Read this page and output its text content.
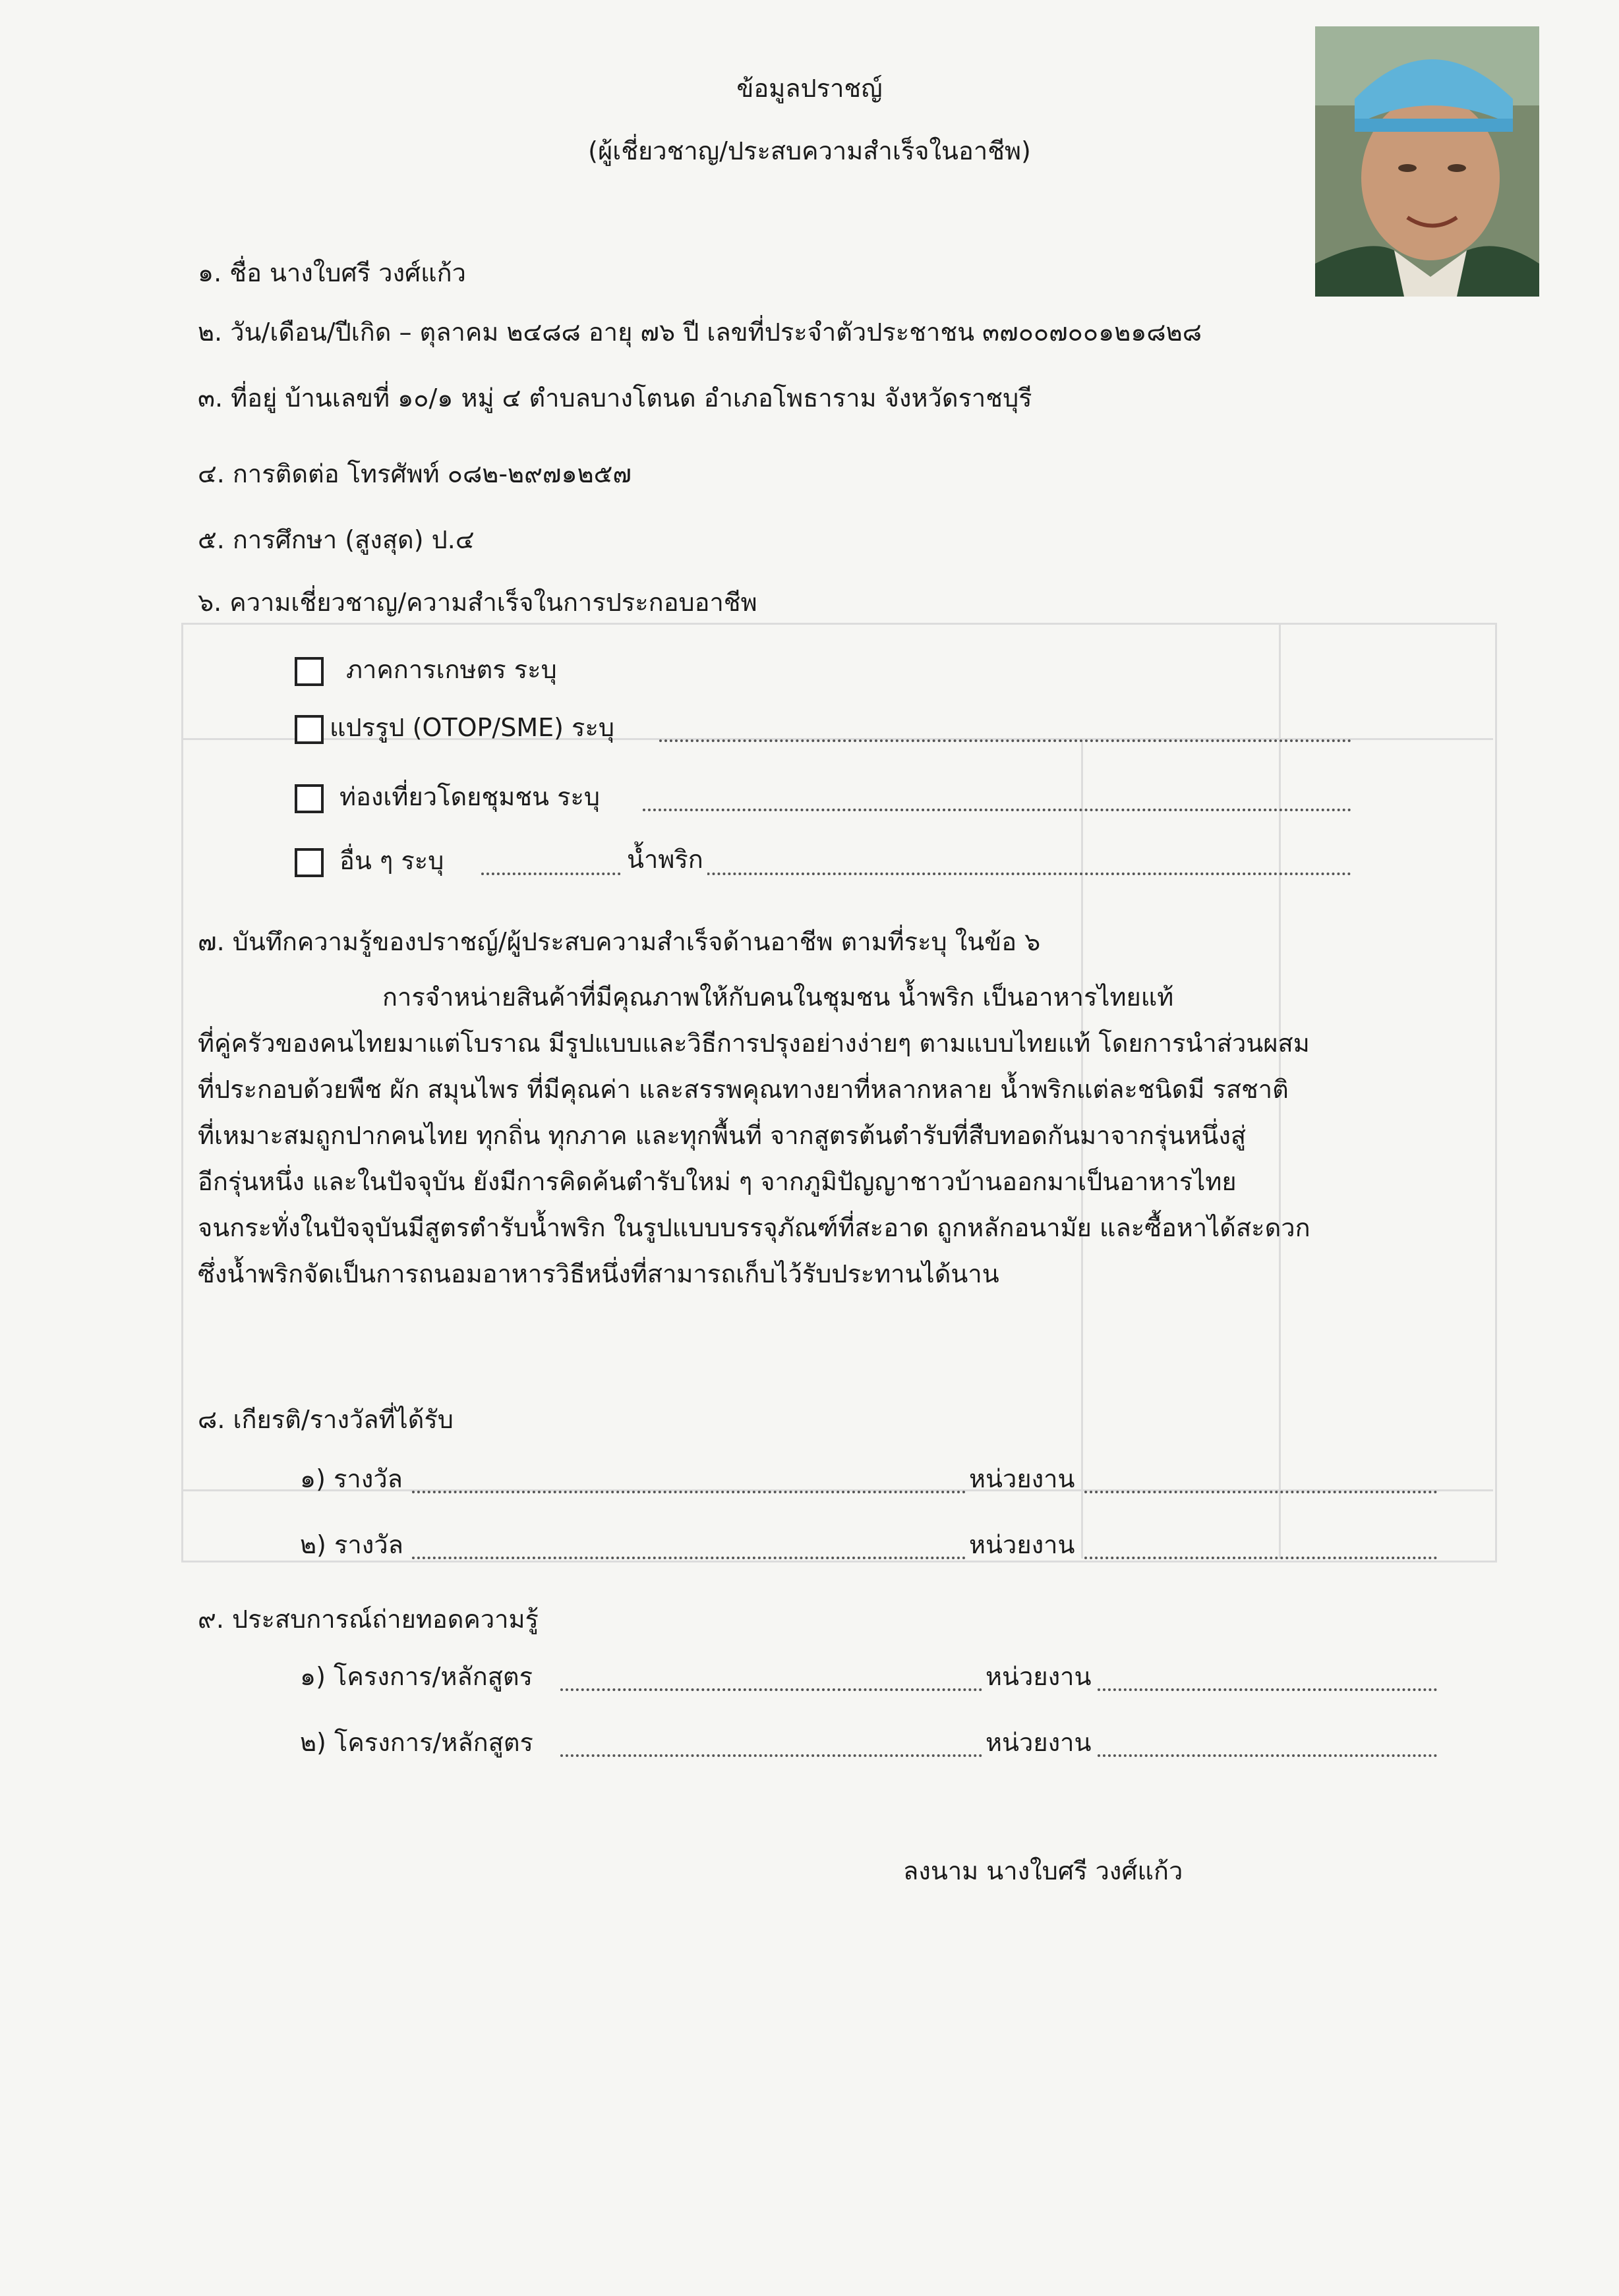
ข้อมูลปราชญ์
(ผู้เชี่ยวชาญ/ประสบความสำเร็จในอาชีพ)
๑. ชื่อ นางใบศรี วงศ์แก้ว
๒. วัน/เดือน/ปีเกิด – ตุลาคม ๒๔๘๘ อายุ ๗๖ ปี เลขที่ประจำตัวประชาชน ๓๗๐๐๗๐๐๑๒๑๘๒๘
๓. ที่อยู่ บ้านเลขที่ ๑๐/๑ หมู่ ๔ ตำบลบางโตนด อำเภอโพธาราม จังหวัดราชบุรี
๔. การติดต่อ โทรศัพท์ ๐๘๒-๒๙๗๑๒๕๗
๕. การศึกษา (สูงสุด) ป.๔
๖. ความเชี่ยวชาญ/ความสำเร็จในการประกอบอาชีพ
ภาคการเกษตร ระบุ
แปรรูป (OTOP/SME) ระบุ
ท่องเที่ยวโดยชุมชน ระบุ
อื่น ๆ ระบุ	น้ำพริก
๗. บันทึกความรู้ของปราชญ์/ผู้ประสบความสำเร็จด้านอาชีพ ตามที่ระบุ ในข้อ ๖

การจำหน่ายสินค้าที่มีคุณภาพให้กับคนในชุมชน น้ำพริก เป็นอาหารไทยแท้

ที่คู่ครัวของคนไทยมาแต่โบราณ มีรูปแบบและวิธีการปรุงอย่างง่ายๆ ตามแบบไทยแท้ โดยการนำส่วนผสม

ที่ประกอบด้วยพืช ผัก สมุนไพร ที่มีคุณค่า และสรรพคุณทางยาที่หลากหลาย น้ำพริกแต่ละชนิดมี รสชาติ

ที่เหมาะสมถูกปากคนไทย ทุกถิ่น ทุกภาค และทุกพื้นที่ จากสูตรต้นตำรับที่สืบทอดกันมาจากรุ่นหนึ่งสู่

อีกรุ่นหนึ่ง และในปัจจุบัน ยังมีการคิดค้นตำรับใหม่ ๆ จากภูมิปัญญาชาวบ้านออกมาเป็นอาหารไทย

จนกระทั่งในปัจจุบันมีสูตรตำรับน้ำพริก ในรูปแบบบรรจุภัณฑ์ที่สะอาด ถูกหลักอนามัย และซื้อหาได้สะดวก

ซึ่งน้ำพริกจัดเป็นการถนอมอาหารวิธีหนึ่งที่สามารถเก็บไว้รับประทานได้นาน

๘. เกียรติ/รางวัลที่ได้รับ
๑) รางวัล	หน่วยงาน
๒) รางวัล	หน่วยงาน
๙. ประสบการณ์ถ่ายทอดความรู้
๑) โครงการ/หลักสูตร	หน่วยงาน
๒) โครงการ/หลักสูตร	หน่วยงาน
ลงนาม นางใบศรี วงศ์แก้ว
